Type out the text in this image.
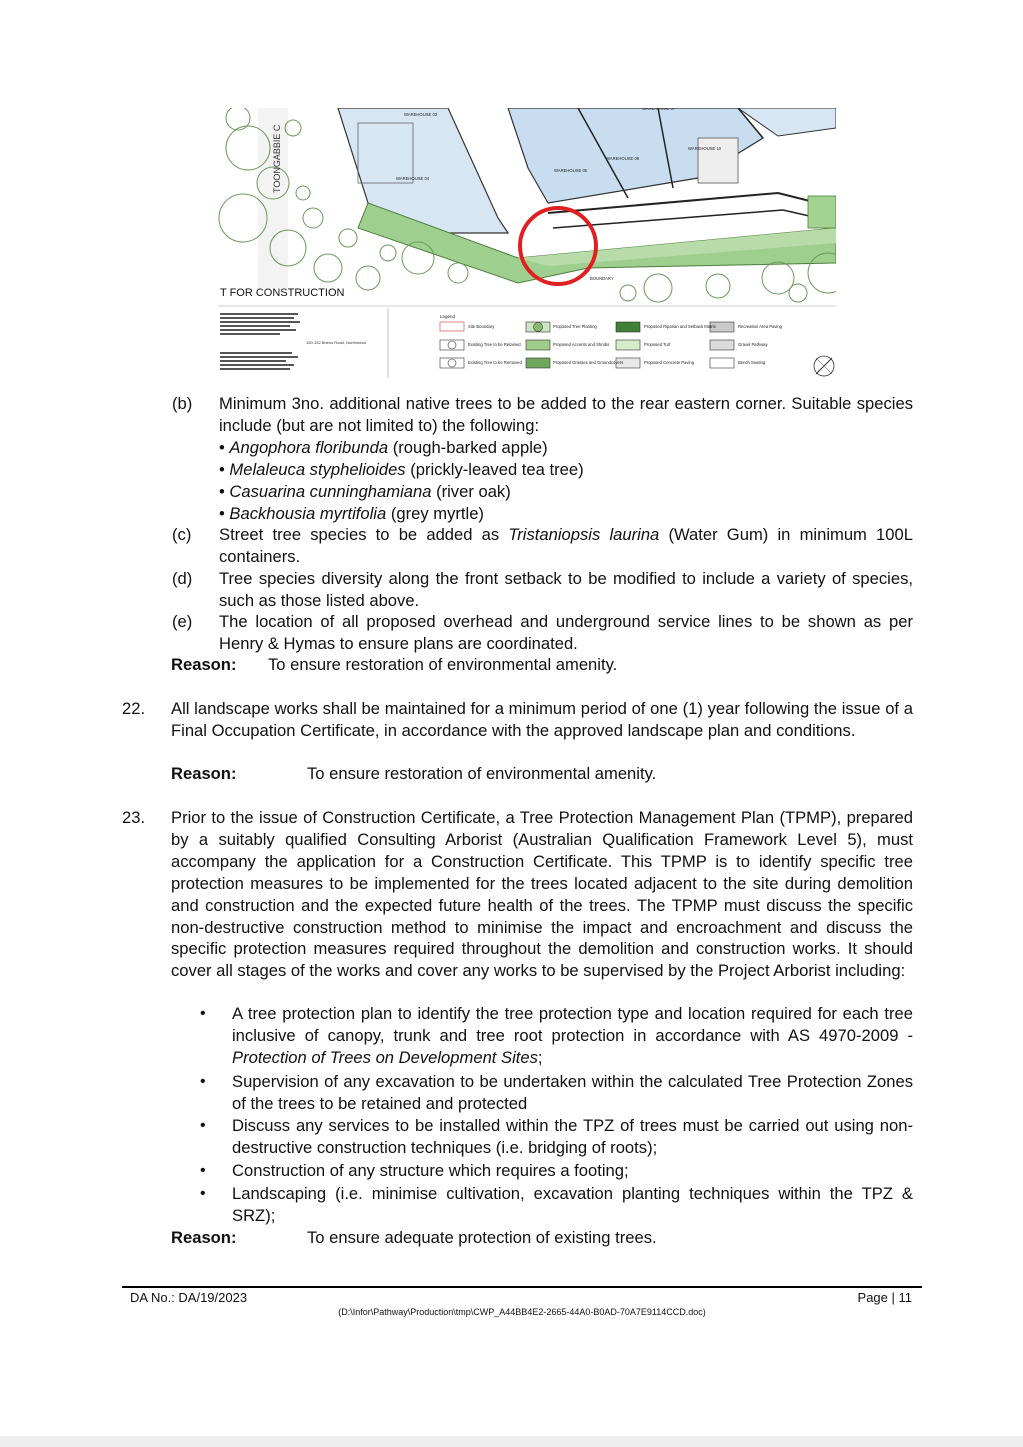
WAREHOUSE 03
WAREHOUSE 04
WAREHOUSE 05
WAREHOUSE 06
WAREHOUSE 07
WAREHOUSE 10
BOUNDARY
TOONGABBIE C
T FOR CONSTRUCTION
150-152 Briens Road, Northmead
Legend
Site Boundary
Existing Tree to be Retained
Existing Tree to be Removed
Proposed Tree Planting
Proposed Accents and Shrubs
Proposed Grasses and Groundcovers
Proposed Riparian and Setback Matrix
Proposed Turf
Proposed Concrete Paving
Recreation Area Paving
Gravel Pathway
Bench Seating
(b) Minimum 3no. additional native trees to be added to the rear eastern corner. Suitable species include (but are not limited to) the following:
• Angophora floribunda (rough-barked apple)
• Melaleuca styphelioides (prickly-leaved tea tree)
• Casuarina cunninghamiana (river oak)
• Backhousia myrtifolia (grey myrtle)
(c) Street tree species to be added as Tristaniopsis laurina (Water Gum) in minimum 100L containers.
(d) Tree species diversity along the front setback to be modified to include a variety of species, such as those listed above.
(e) The location of all proposed overhead and underground service lines to be shown as per Henry & Hymas to ensure plans are coordinated.
Reason: To ensure restoration of environmental amenity.
22. All landscape works shall be maintained for a minimum period of one (1) year following the issue of a Final Occupation Certificate, in accordance with the approved landscape plan and conditions.
Reason:	To ensure restoration of environmental amenity.
23. Prior to the issue of Construction Certificate, a Tree Protection Management Plan (TPMP), prepared by a suitably qualified Consulting Arborist (Australian Qualification Framework Level 5), must accompany the application for a Construction Certificate. This TPMP is to identify specific tree protection measures to be implemented for the trees located adjacent to the site during demolition and construction and the expected future health of the trees. The TPMP must discuss the specific non-destructive construction method to minimise the impact and encroachment and discuss the specific protection measures required throughout the demolition and construction works. It should cover all stages of the works and cover any works to be supervised by the Project Arborist including:
•	A tree protection plan to identify the tree protection type and location required for each tree inclusive of canopy, trunk and tree root protection in accordance with AS 4970-2009 - Protection of Trees on Development Sites;
•	Supervision of any excavation to be undertaken within the calculated Tree Protection Zones of the trees to be retained and protected
•	Discuss any services to be installed within the TPZ of trees must be carried out using non-destructive construction techniques (i.e. bridging of roots);
•	Construction of any structure which requires a footing;
•	Landscaping (i.e. minimise cultivation, excavation planting techniques within the TPZ & SRZ);
Reason:	To ensure adequate protection of existing trees.
DA No.: DA/19/2023	Page | 11
(D:\Infor\Pathway\Production\tmp\CWP_A44BB4E2-2665-44A0-B0AD-70A7E9114CCD.doc)
